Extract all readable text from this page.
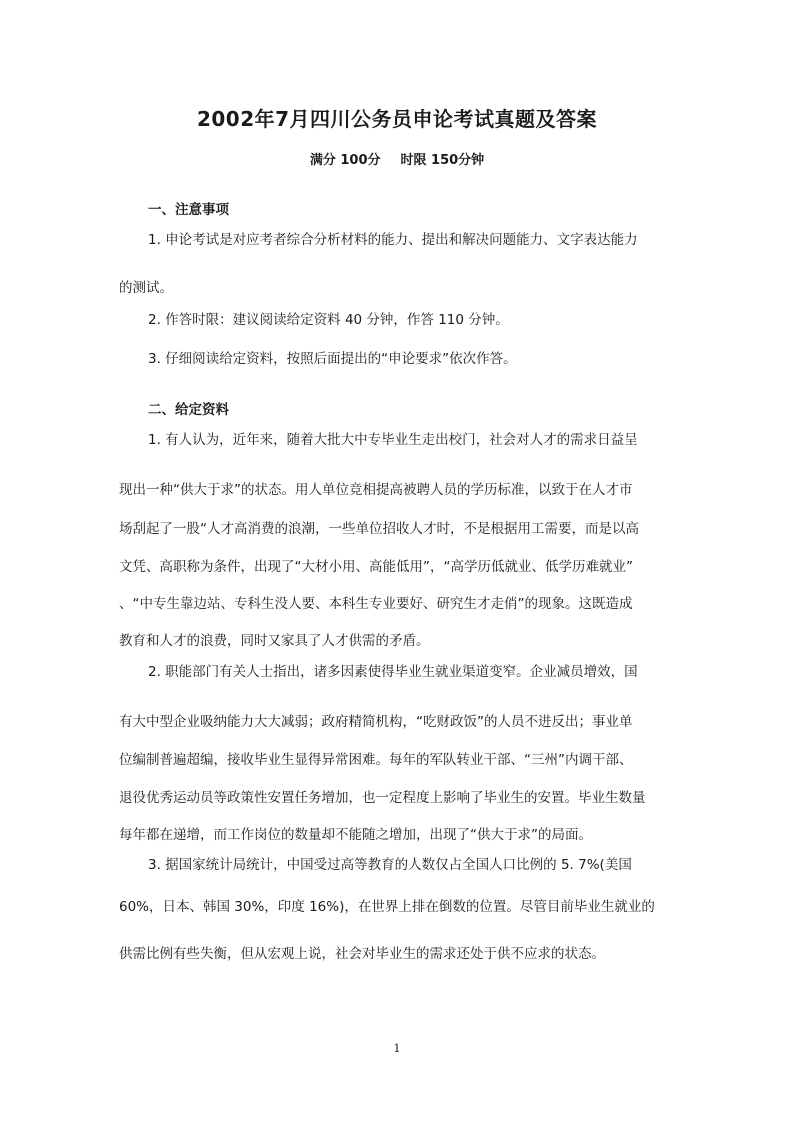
2002年7月四川公务员申论考试真题及答案
满分 100分 时限 150分钟
一、注意事项
1. 申论考试是对应考者综合分析材料的能力、提出和解决问题能力、文字表达能力
的测试。
2. 作答时限：建议阅读给定资料 40 分钟，作答 110 分钟。
3. 仔细阅读给定资料，按照后面提出的“申论要求”依次作答。
二、给定资料
1. 有人认为，近年来，随着大批大中专毕业生走出校门，社会对人才的需求日益呈
现出一种“供大于求”的状态。用人单位竞相提高被聘人员的学历标准，以致于在人才市
场刮起了一股“人才高消费的浪潮，一些单位招收人才时，不是根据用工需要，而是以高
文凭、高职称为条件，出现了“大材小用、高能低用”，“高学历低就业、低学历难就业”
、“中专生靠边站、专科生没人要、本科生专业要好、研究生才走俏”的现象。这既造成
教育和人才的浪费，同时又家具了人才供需的矛盾。
2. 职能部门有关人士指出，诸多因素使得毕业生就业渠道变窄。企业减员增效，国
有大中型企业吸纳能力大大减弱；政府精简机构，“吃财政饭”的人员不进反出；事业单
位编制普遍超编，接收毕业生显得异常困难。每年的军队转业干部、“三州”内调干部、
退役优秀运动员等政策性安置任务增加，也一定程度上影响了毕业生的安置。毕业生数量
每年都在递增，而工作岗位的数量却不能随之增加，出现了“供大于求”的局面。
3. 据国家统计局统计，中国受过高等教育的人数仅占全国人口比例的 5. 7%(美国
60%，日本、韩国 30%，印度 16%)，在世界上排在倒数的位置。尽管目前毕业生就业的
供需比例有些失衡，但从宏观上说，社会对毕业生的需求还处于供不应求的状态。
1
